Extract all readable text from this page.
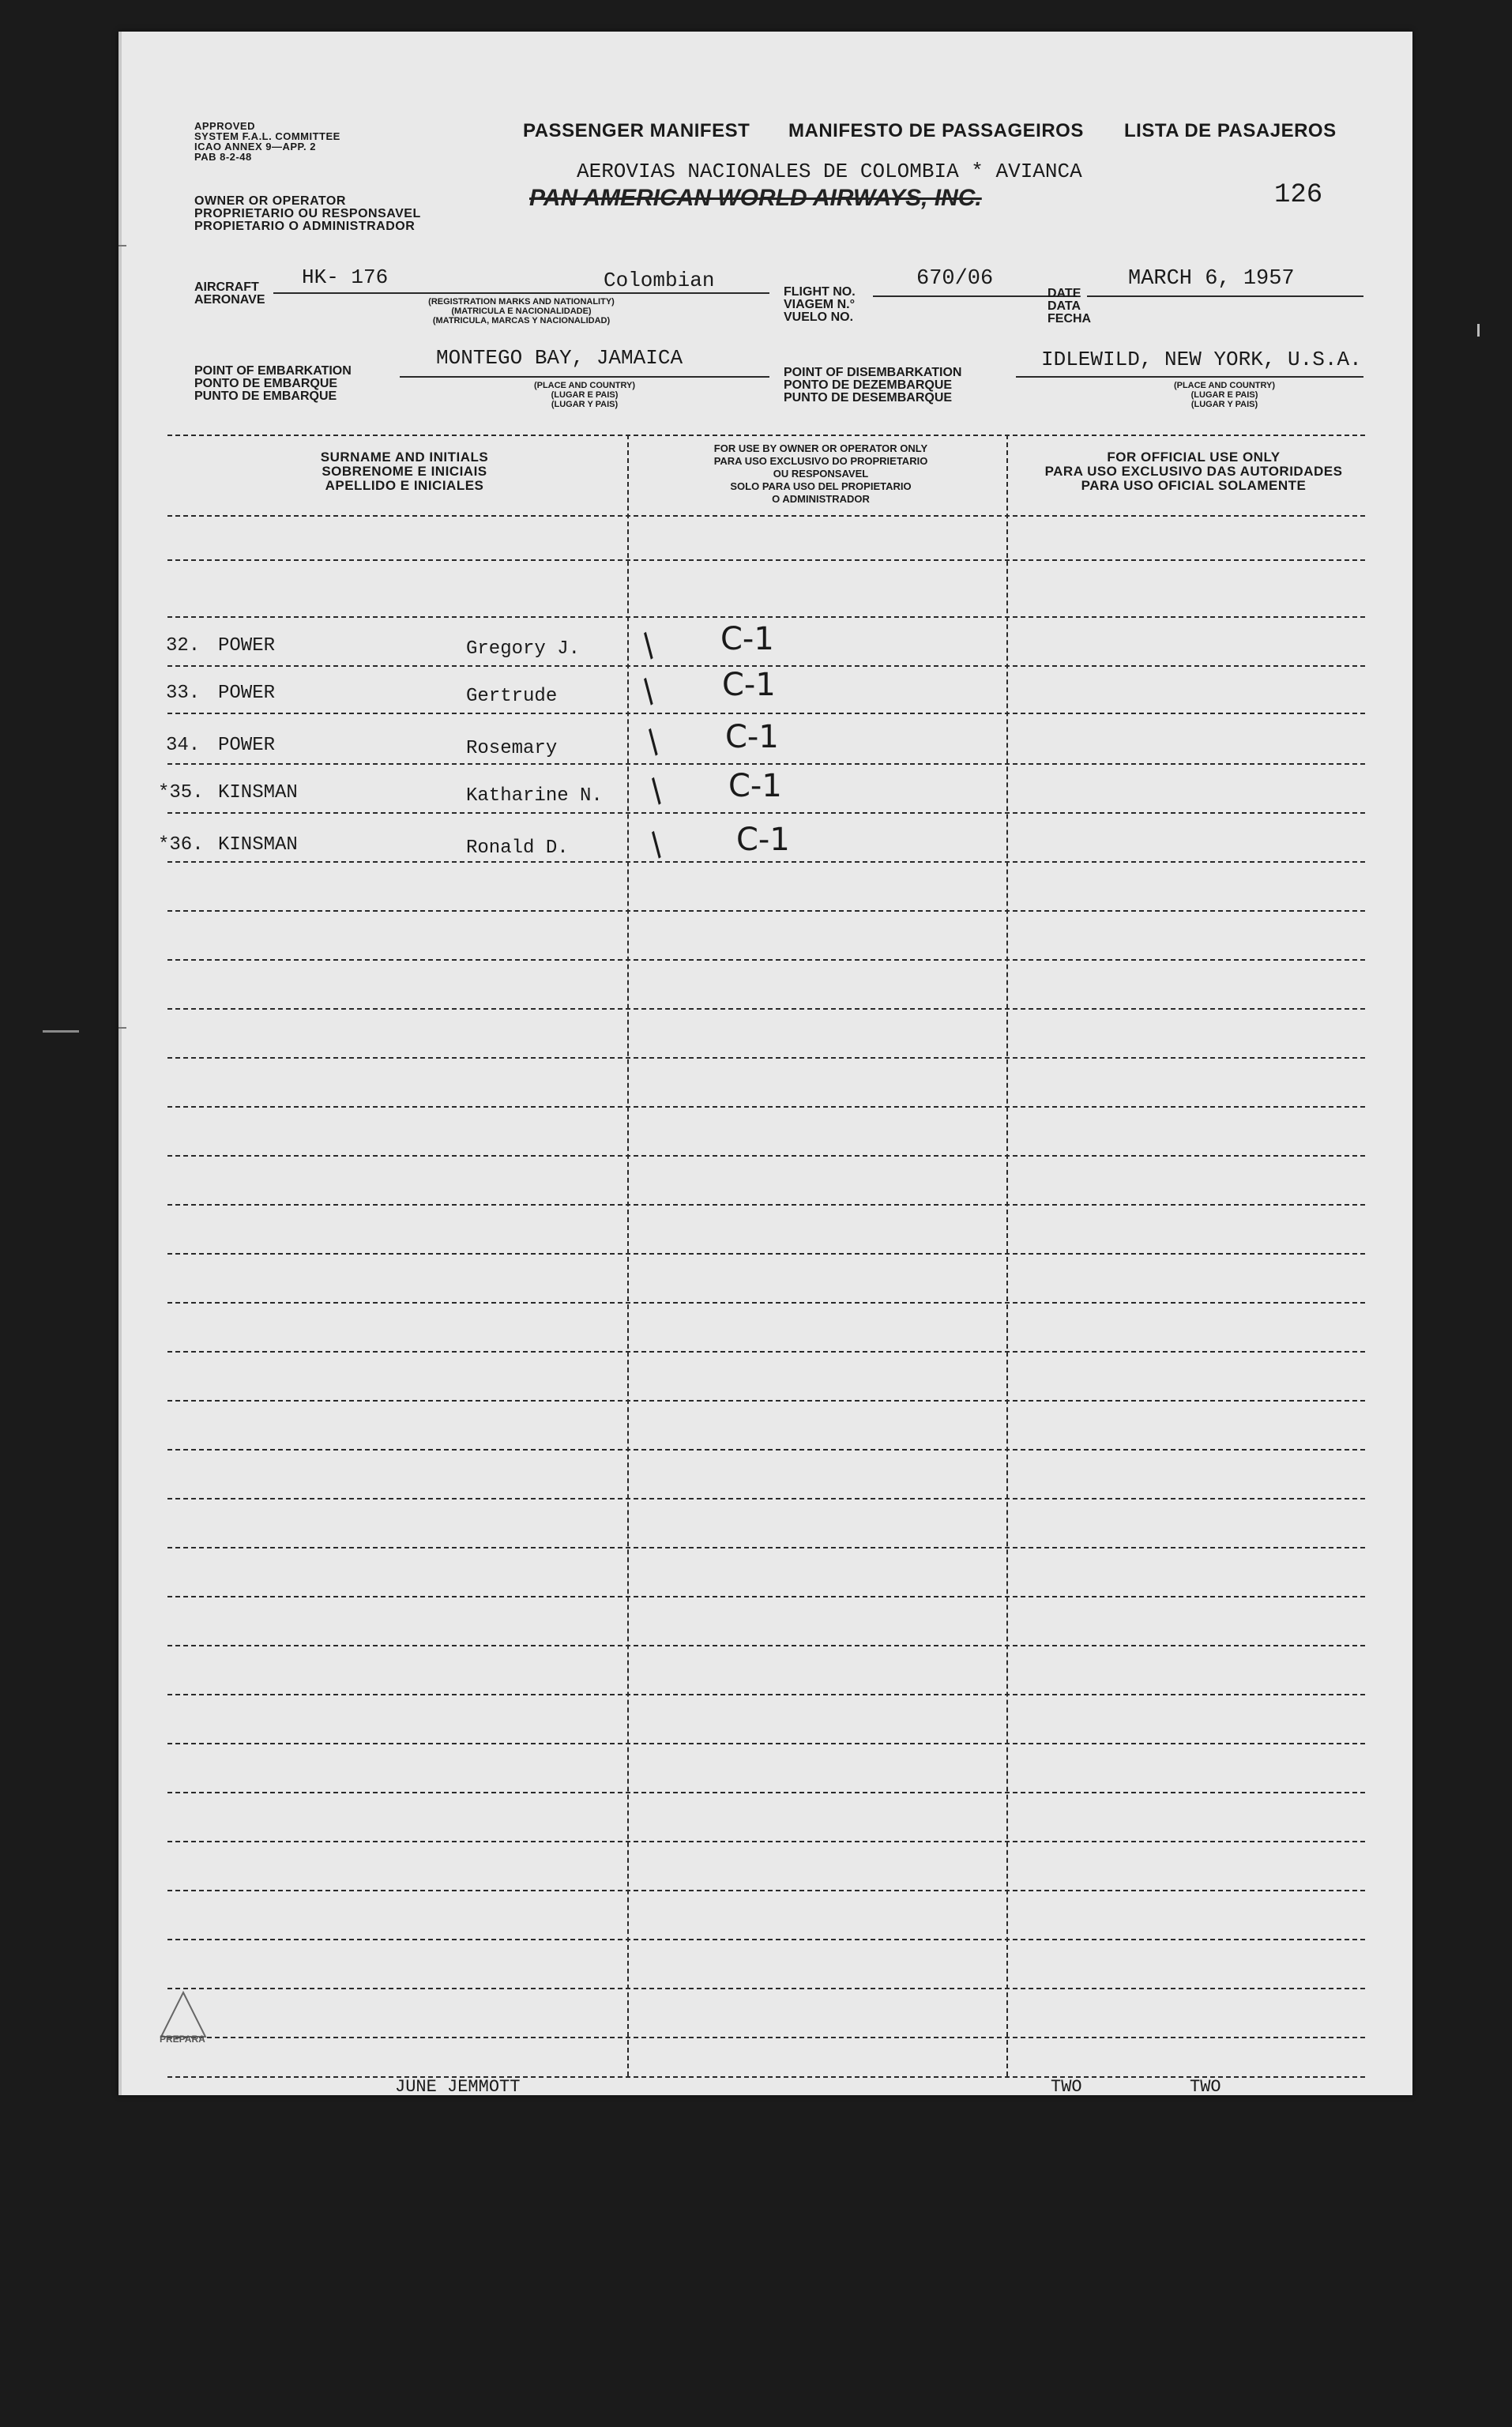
APPROVED
SYSTEM F.A.L. COMMITTEE
ICAO ANNEX 9—APP. 2
PAB 8-2-48
PASSENGER MANIFEST MANIFESTO DE PASSAGEIROS LISTA DE PASAJEROS
OWNER OR OPERATOR
PROPRIETARIO OU RESPONSAVEL
PROPIETARIO O ADMINISTRADOR
AEROVIAS NACIONALES DE COLOMBIA * AVIANCA
PAN AMERICAN WORLD AIRWAYS, INC.	126
AIRCRAFT
AERONAVE
HK- 176	Colombian
(REGISTRATION MARKS AND NATIONALITY)
(MATRICULA E NACIONALIDADE)
(MATRICULA, MARCAS Y NACIONALIDAD)
FLIGHT NO.
VIAGEM N.°
VUELO NO.
670/06
DATE
DATA
FECHA
MARCH 6, 1957
POINT OF EMBARKATION
PONTO DE EMBARQUE
PUNTO DE EMBARQUE
MONTEGO BAY, JAMAICA
(PLACE AND COUNTRY)
(LUGAR E PAIS)
(LUGAR Y PAIS)
POINT OF DISEMBARKATION
PONTO DE DEZEMBARQUE
PUNTO DE DESEMBARQUE
IDLEWILD, NEW YORK, U.S.A.
(PLACE AND COUNTRY)
(LUGAR E PAIS)
(LUGAR Y PAIS)
SURNAME AND INITIALS
SOBRENOME E INICIAIS
APELLIDO E INICIALES
FOR USE BY OWNER OR OPERATOR ONLY
PARA USO EXCLUSIVO DO PROPRIETARIO
OU RESPONSAVEL
SOLO PARA USO DEL PROPIETARIO
O ADMINISTRADOR
FOR OFFICIAL USE ONLY
PARA USO EXCLUSIVO DAS AUTORIDADES
PARA USO OFICIAL SOLAMENTE
32. POWER	Gregory J. / C-1
33. POWER	Gertrude / C-1
34. POWER	Rosemary	/ C-1
*35. KINSMAN	Katharine N. / C-1
*36. KINSMAN	Ronald D. / C-1
PREPARA
JUNE JEMMOTT	TWO	TWO
